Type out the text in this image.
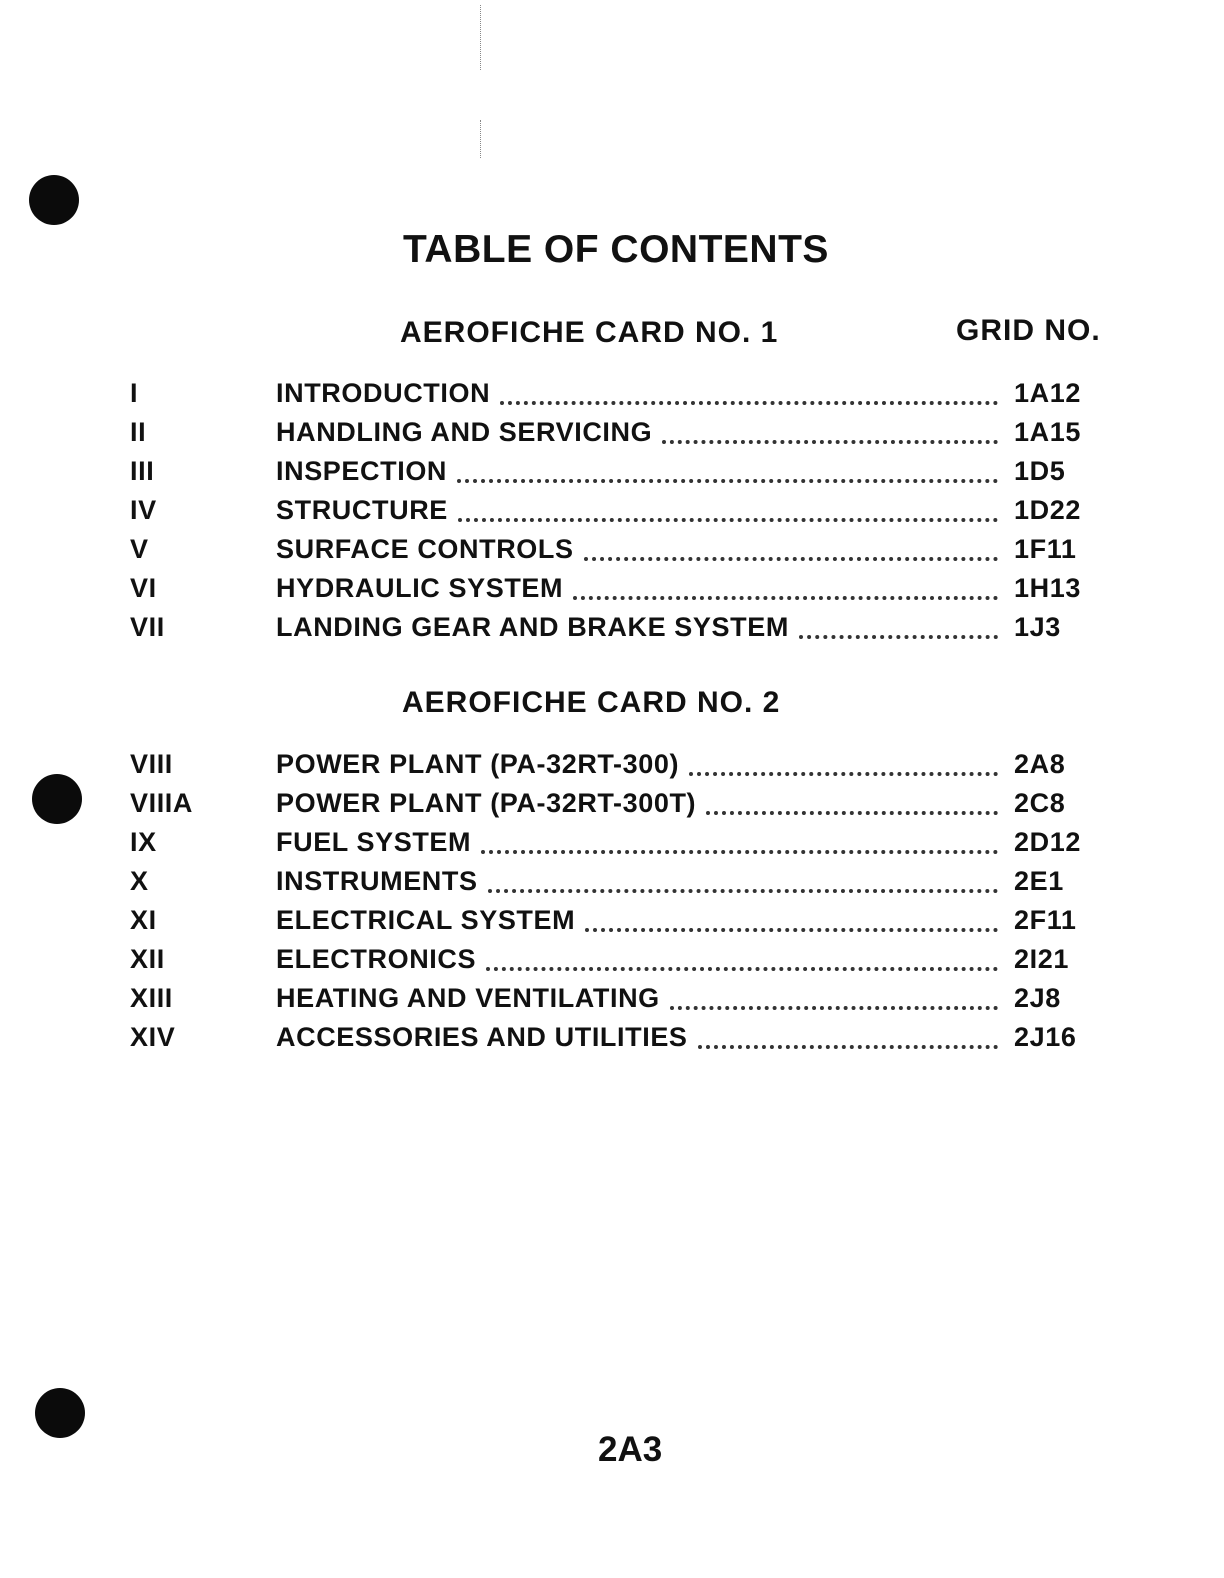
TABLE OF CONTENTS
AEROFICHE CARD NO. 1	GRID NO.
I	INTRODUCTION	1A12
II	HANDLING AND SERVICING	1A15
III	INSPECTION	1D5
IV	STRUCTURE	1D22
V	SURFACE CONTROLS	1F11
VI	HYDRAULIC SYSTEM	1H13
VII	LANDING GEAR AND BRAKE SYSTEM	1J3
AEROFICHE CARD NO. 2
VIII	POWER PLANT (PA-32RT-300)	2A8
VIIIA	POWER PLANT (PA-32RT-300T)	2C8
IX	FUEL SYSTEM	2D12
X	INSTRUMENTS	2E1
XI	ELECTRICAL SYSTEM	2F11
XII	ELECTRONICS	2I21
XIII	HEATING AND VENTILATING	2J8
XIV	ACCESSORIES AND UTILITIES	2J16
2A3
